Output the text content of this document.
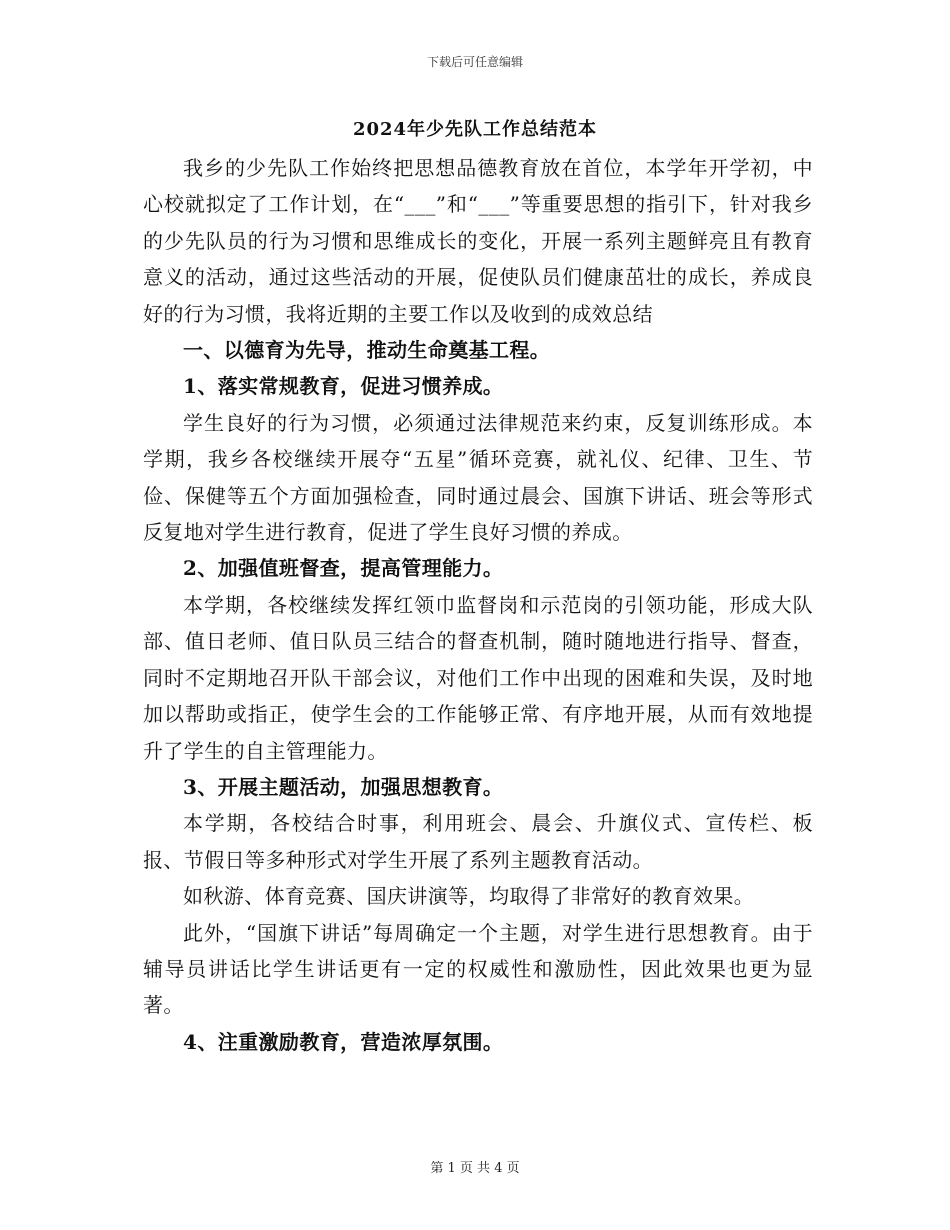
下载后可任意编辑
2024年少先队工作总结范本

我乡的少先队工作始终把思想品德教育放在首位，本学年开学初，中心校就拟定了工作计划，在“___”和“___”等重要思想的指引下，针对我乡的少先队员的行为习惯和思维成长的变化，开展一系列主题鲜亮且有教育意义的活动，通过这些活动的开展，促使队员们健康茁壮的成长，养成良好的行为习惯，我将近期的主要工作以及收到的成效总结

一、以德育为先导，推动生命奠基工程。

1、落实常规教育，促进习惯养成。

学生良好的行为习惯，必须通过法律规范来约束，反复训练形成。本学期，我乡各校继续开展夺“五星”循环竞赛，就礼仪、纪律、卫生、节俭、保健等五个方面加强检查，同时通过晨会、国旗下讲话、班会等形式反复地对学生进行教育，促进了学生良好习惯的养成。

2、加强值班督查，提高管理能力。

本学期，各校继续发挥红领巾监督岗和示范岗的引领功能，形成大队部、值日老师、值日队员三结合的督查机制，随时随地进行指导、督查，同时不定期地召开队干部会议，对他们工作中出现的困难和失误，及时地加以帮助或指正，使学生会的工作能够正常、有序地开展，从而有效地提升了学生的自主管理能力。

3、开展主题活动，加强思想教育。

本学期，各校结合时事，利用班会、晨会、升旗仪式、宣传栏、板报、节假日等多种形式对学生开展了系列主题教育活动。

如秋游、体育竞赛、国庆讲演等，均取得了非常好的教育效果。

此外，“国旗下讲话”每周确定一个主题，对学生进行思想教育。由于辅导员讲话比学生讲话更有一定的权威性和激励性，因此效果也更为显著。

4、注重激励教育，营造浓厚氛围。

第 1 页 共 4 页
